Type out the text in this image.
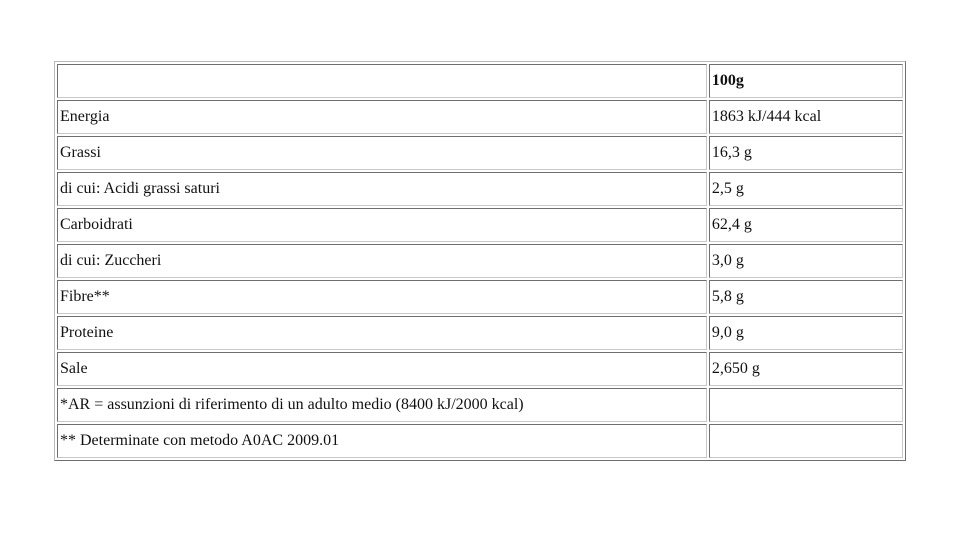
	100g
Energia	1863 kJ/444 kcal
Grassi	16,3 g
di cui: Acidi grassi saturi	2,5 g
Carboidrati	62,4 g
di cui: Zuccheri	3,0 g
Fibre**	5,8 g
Proteine	9,0 g
Sale	2,650 g
*AR = assunzioni di riferimento di un adulto medio (8400 kJ/2000 kcal)	
** Determinate con metodo A0AC 2009.01	
